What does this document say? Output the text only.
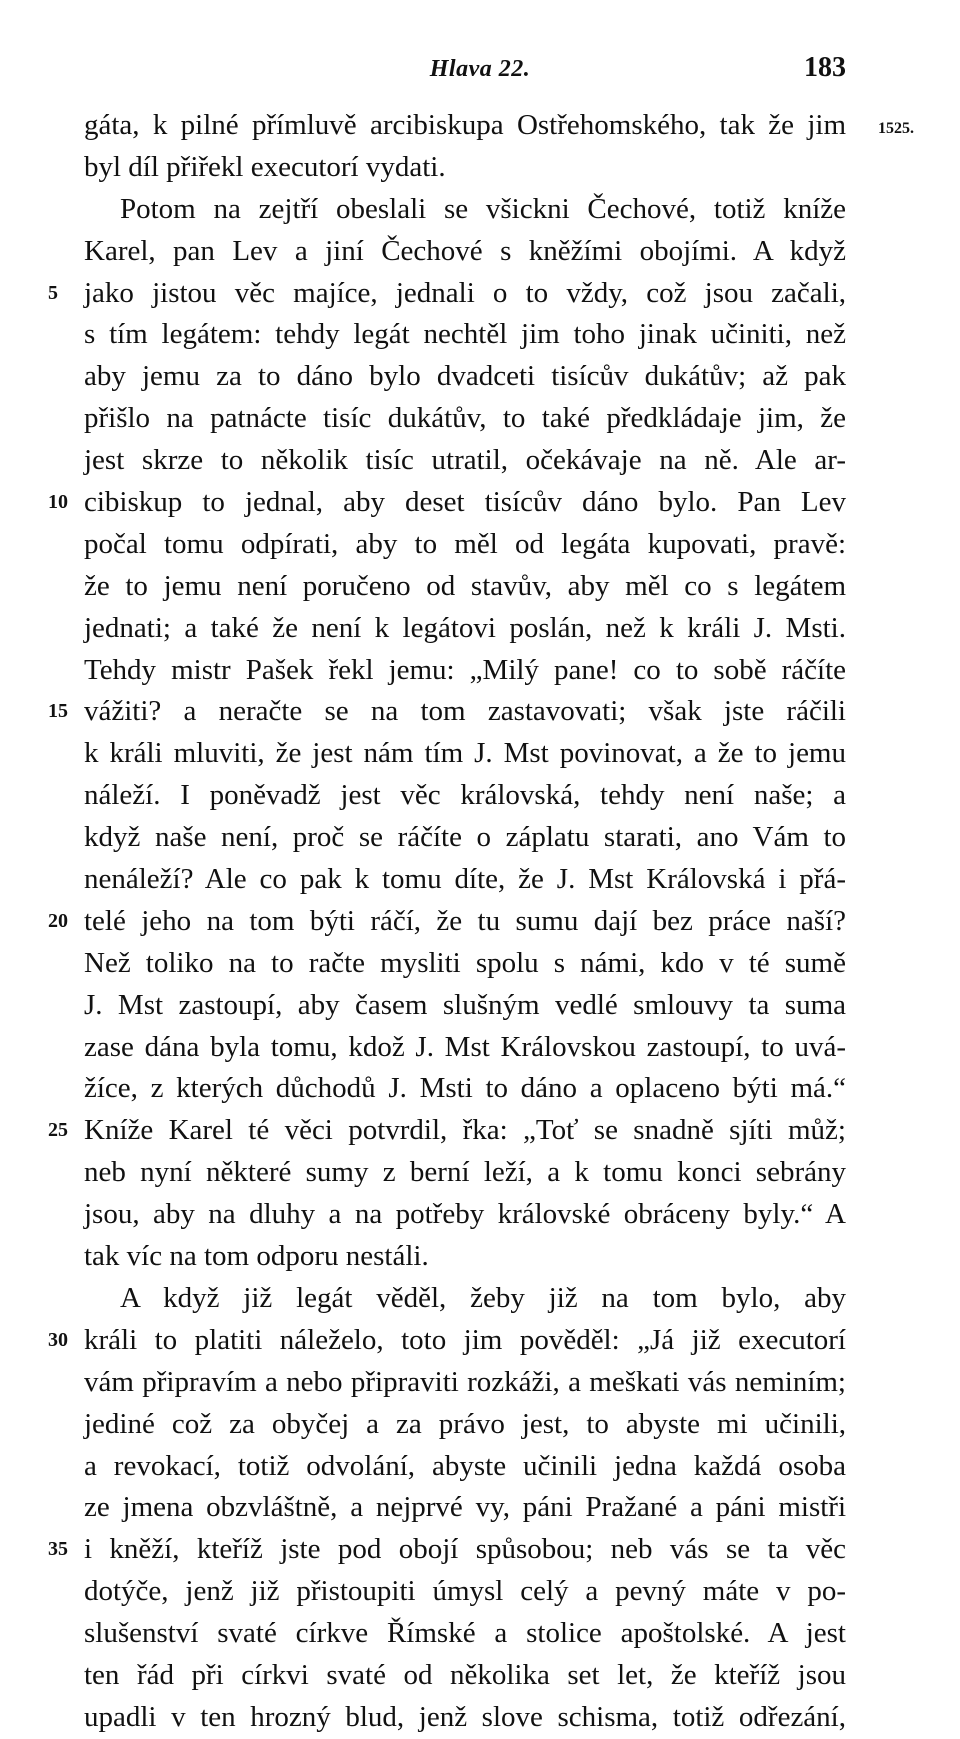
Hlava 22.	183
1525.
gáta, k pilné přímluvě arcibiskupa Ostřehomského, tak že jim
byl díl přiřekl executorí vydati.
Potom na zejtří obeslali se všickni Čechové, totiž kníže
Karel, pan Lev a jiní Čechové s kněžími obojími. A když
jako jistou věc majíce, jednali o to vždy, což jsou začali,
5
s tím legátem: tehdy legát nechtěl jim toho jinak učiniti, než
aby jemu za to dáno bylo dvadceti tisícův dukátův; až pak
přišlo na patnácte tisíc dukátův, to také předkládaje jim, že
jest skrze to několik tisíc utratil, očekávaje na ně. Ale ar-
cibiskup to jednal, aby deset tisícův dáno bylo. Pan Lev
10
počal tomu odpírati, aby to měl od legáta kupovati, pravě:
že to jemu není poručeno od stavův, aby měl co s legátem
jednati; a také že není k legátovi poslán, než k králi J. Msti.
Tehdy mistr Pašek řekl jemu: „Milý pane! co to sobě ráčíte
vážiti? a neračte se na tom zastavovati; však jste ráčili
15
k králi mluviti, že jest nám tím J. Mst povinovat, a že to jemu
náleží. I poněvadž jest věc královská, tehdy není naše; a
když naše není, proč se ráčíte o záplatu starati, ano Vám to
nenáleží? Ale co pak k tomu díte, že J. Mst Královská i přá-
telé jeho na tom býti ráčí, že tu sumu dají bez práce naší?
20
Než toliko na to račte mysliti spolu s námi, kdo v té sumě
J. Mst zastoupí, aby časem slušným vedlé smlouvy ta suma
zase dána byla tomu, kdož J. Mst Královskou zastoupí, to uvá-
žíce, z kterých důchodů J. Msti to dáno a oplaceno býti má.“
Kníže Karel té věci potvrdil, řka: „Toť se snadně sjíti můž;
25
neb nyní některé sumy z berní leží, a k tomu konci sebrány
jsou, aby na dluhy a na potřeby královské obráceny byly.“ A
tak víc na tom odporu nestáli.
A když již legát věděl, žeby již na tom bylo, aby
králi to platiti náleželo, toto jim pověděl: „Já již executorí
30
vám připravím a nebo připraviti rozkáži, a meškati vás neminím;
jediné což za obyčej a za právo jest, to abyste mi učinili,
a revokací, totiž odvolání, abyste učinili jedna každá osoba
ze jmena obzvláštně, a nejprvé vy, páni Pražané a páni mistři
i kněží, kteříž jste pod obojí spůsobou; neb vás se ta věc
35
dotýče, jenž již přistoupiti úmysl celý a pevný máte v po-
slušenství svaté církve Římské a stolice apoštolské. A jest
ten řád při církvi svaté od několika set let, že kteříž jsou
upadli v ten hrozný blud, jenž slove schisma, totiž odřezání,
